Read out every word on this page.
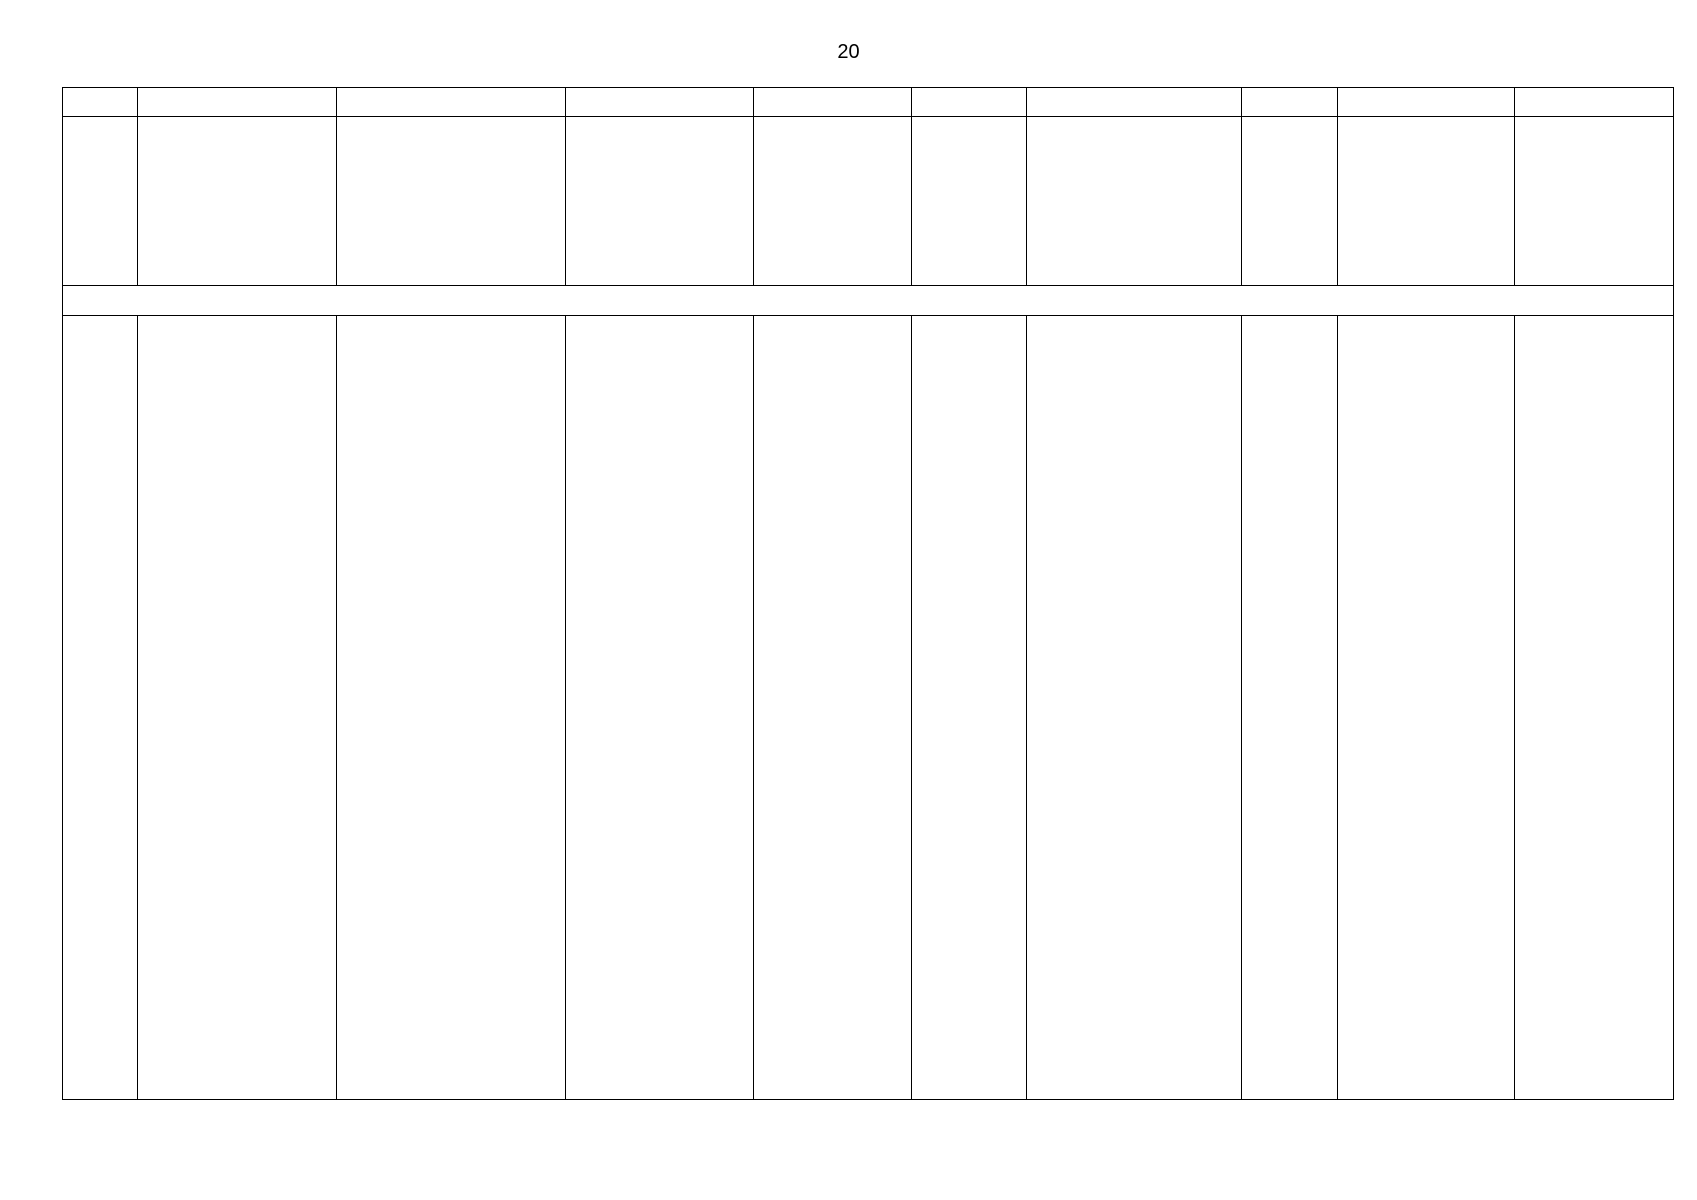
20
